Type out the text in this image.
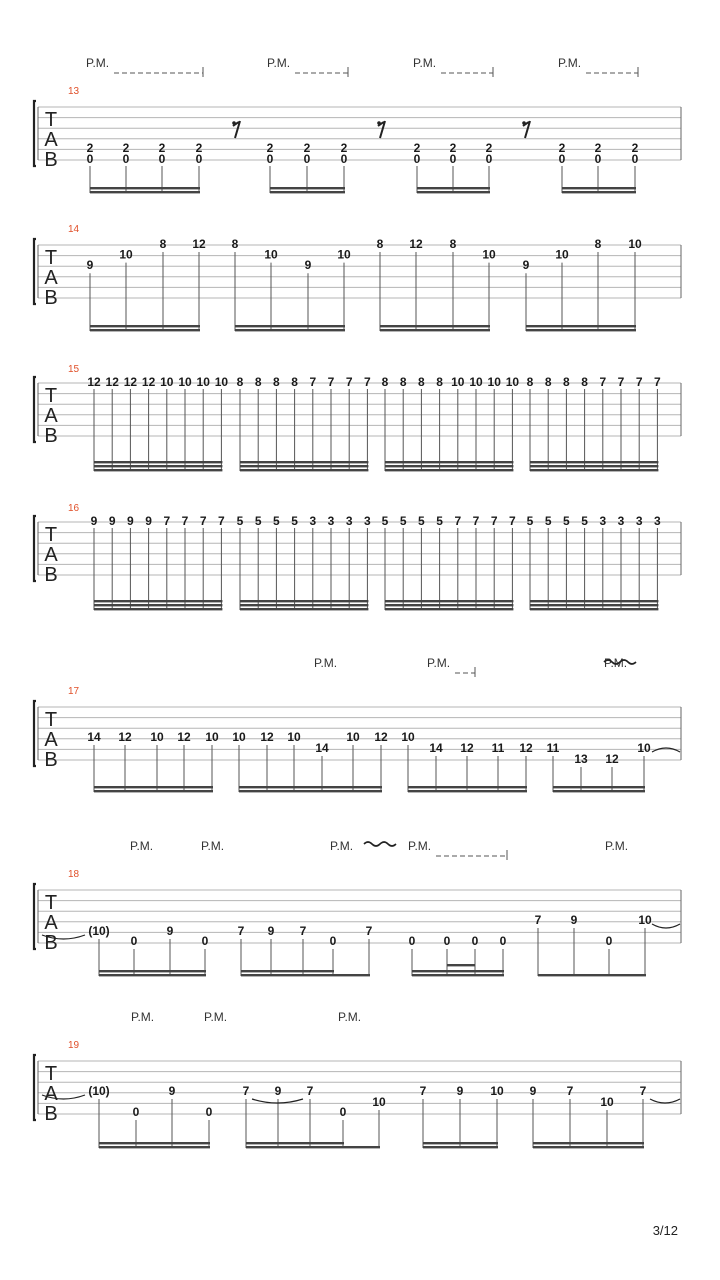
T
A
B
13
P.M.	P.M.	P.M.	P.M.
2
0
2
0
2
0
2
0
2
0
2
0
2
0
2
0
2
0
2
0
2
0
2
0
2
0
T
A
B
14
9
10
8 12 8
10
9
10
8 12 8
10
9
10
8 10
T
A
B
15
12 12 12 12 10 10 10 10 8 8 8 8 7 7 7 7 8 8 8 8 10 10 10 10 8 8 8 8 7 7 7 7
T
A
B
16
9 9 9 9 7 7 7 7 5 5 5 5 3 3 3 3 5 5 5 5 7 7 7 7 5 5 5 5 3 3 3 3
T
A
B
17
P.M.	P.M.	P.M.
14 12 10 12 10 10 12 10
14
10 12 10
14 12 11 12 11
13 12
10
T
A
B
18
P.M.	P.M.	P.M.	P.M.	P.M.
(10)
0
9
0
7 9 7
0
7
0 0 0 0
7 9
0
10
T
A
B
19
P.M.	P.M.	P.M.
(10)
0
9
0
7 9 7
0
10
7	9 10 9	7
10
7
3/12
